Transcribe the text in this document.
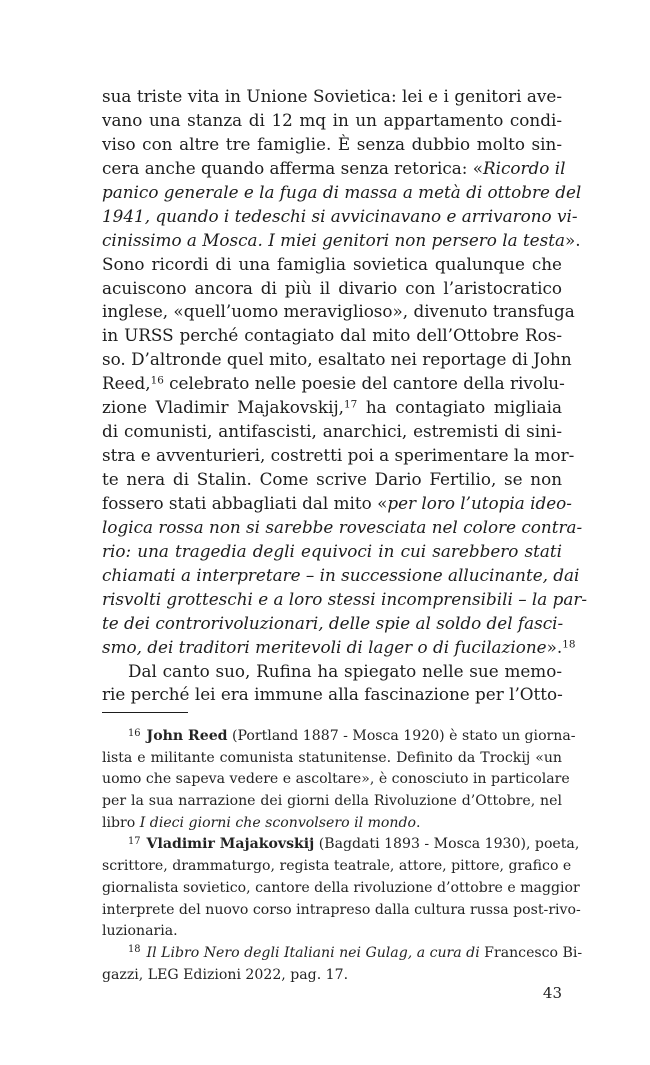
sua triste vita in Unione Sovietica: lei e i genitori ave-
vano una stanza di 12 mq in un appartamento condi-
viso con altre tre famiglie. È senza dubbio molto sin-
cera anche quando afferma senza retorica: «Ricordo il
panico generale e la fuga di massa a metà di ottobre del
1941, quando i tedeschi si avvicinavano e arrivarono vi-
cinissimo a Mosca. I miei genitori non persero la testa».
Sono ricordi di una famiglia sovietica qualunque che
acuiscono ancora di più il divario con l’aristocratico
inglese, «quell’uomo meraviglioso», divenuto transfuga
in URSS perché contagiato dal mito dell’Ottobre Ros-
so. D’altronde quel mito, esaltato nei reportage di John
Reed,$^{16}$ celebrato nelle poesie del cantore della rivolu-
zione Vladimir Majakovskij,$^{17}$ ha contagiato migliaia
di comunisti, antifascisti, anarchici, estremisti di sini-
stra e avventurieri, costretti poi a sperimentare la mor-
te nera di Stalin. Come scrive Dario Fertilio, se non
fossero stati abbagliati dal mito «per loro l’utopia ideo-
logica rossa non si sarebbe rovesciata nel colore contra-
rio: una tragedia degli equivoci in cui sarebbero stati
chiamati a interpretare – in successione allucinante, dai
risvolti grotteschi e a loro stessi incomprensibili – la par-
te dei controrivoluzionari, delle spie al soldo del fasci-
smo, dei traditori meritevoli di lager o di fucilazione».$^{18}$
Dal canto suo, Rufina ha spiegato nelle sue memo-
rie perché lei era immune alla fascinazione per l’Otto-
$^{16}$ John Reed (Portland 1887 - Mosca 1920) è stato un giorna-
lista e militante comunista statunitense. Definito da Trockij «un
uomo che sapeva vedere e ascoltare», è conosciuto in particolare
per la sua narrazione dei giorni della Rivoluzione d’Ottobre, nel
libro I dieci giorni che sconvolsero il mondo.
$^{17}$ Vladimir Majakovskij (Bagdati 1893 - Mosca 1930), poeta,
scrittore, drammaturgo, regista teatrale, attore, pittore, grafico e
giornalista sovietico, cantore della rivoluzione d’ottobre e maggior
interprete del nuovo corso intrapreso dalla cultura russa post-rivo-
luzionaria.
$^{18}$ Il Libro Nero degli Italiani nei Gulag, a cura di Francesco Bi-
gazzi, LEG Edizioni 2022, pag. 17.
43
